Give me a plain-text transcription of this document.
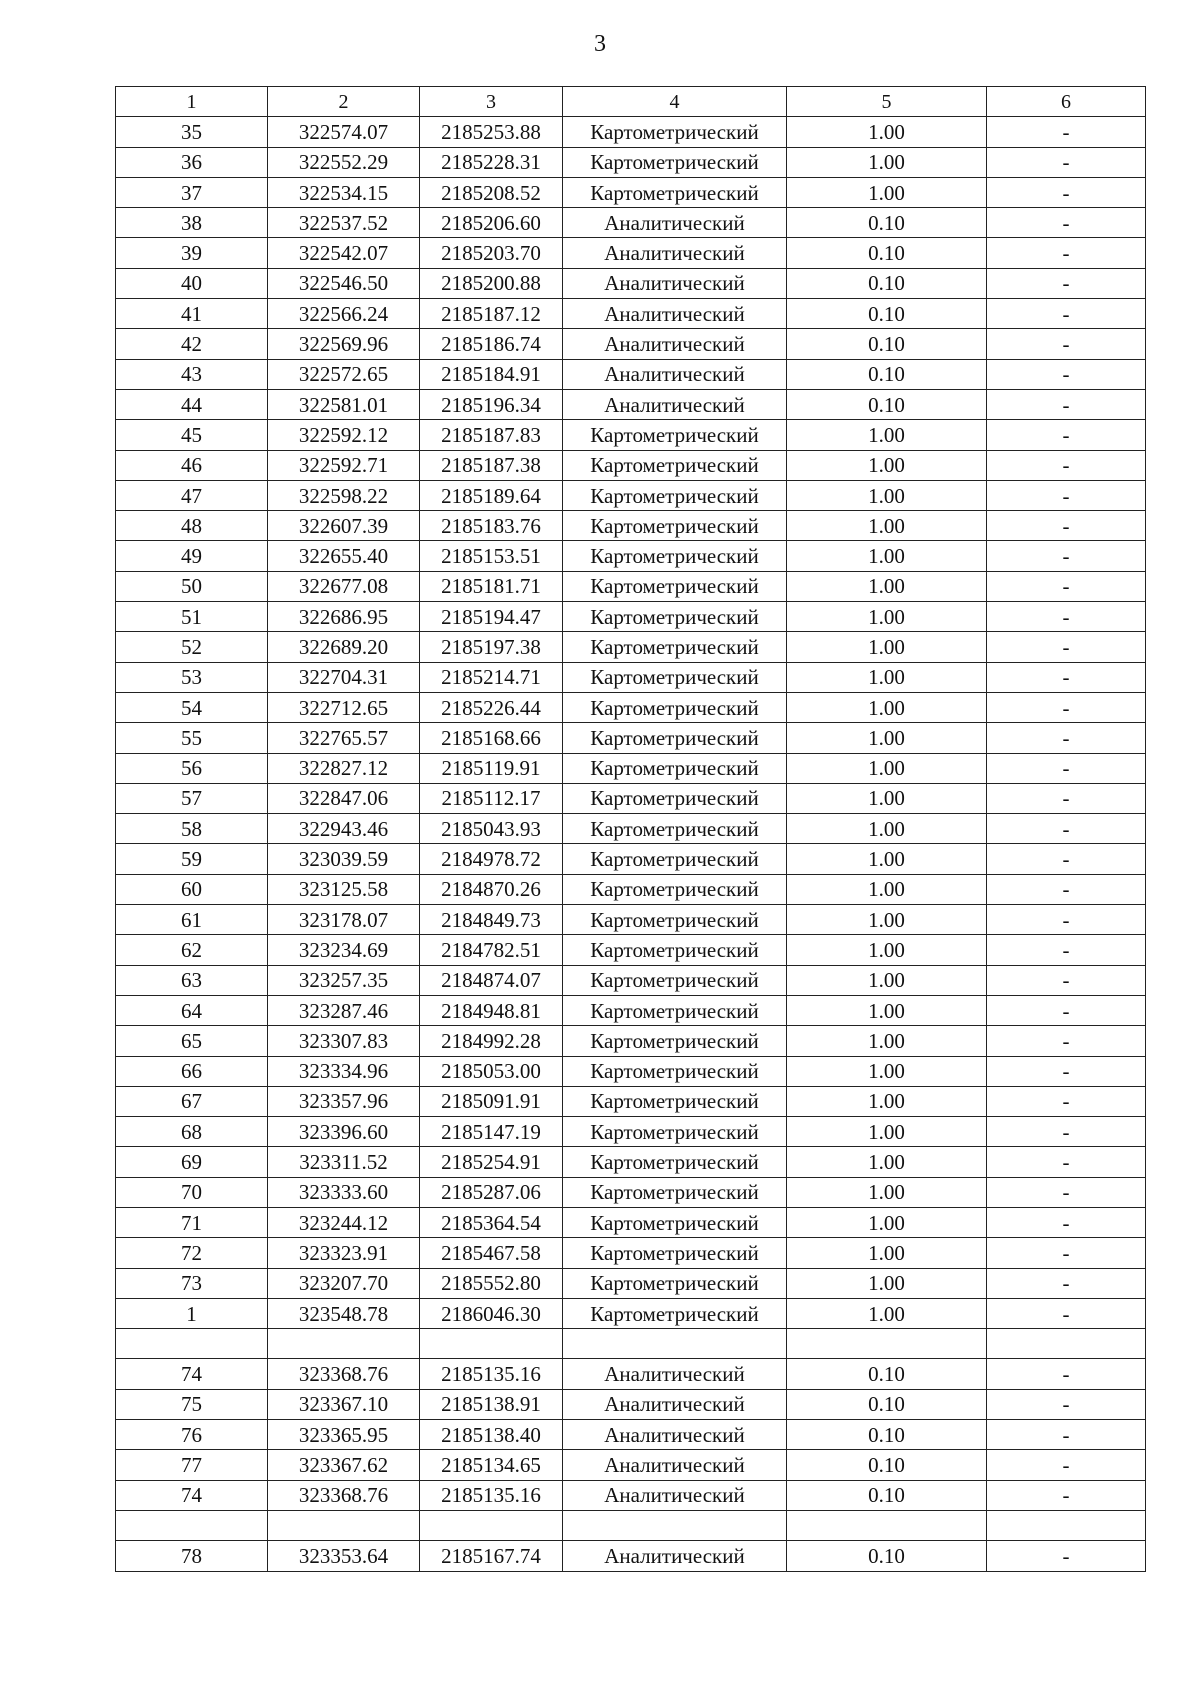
3
1	2	3	4	5	6
35	322574.07	2185253.88	Картометрический	1.00	-
36	322552.29	2185228.31	Картометрический	1.00	-
37	322534.15	2185208.52	Картометрический	1.00	-
38	322537.52	2185206.60	Аналитический	0.10	-
39	322542.07	2185203.70	Аналитический	0.10	-
40	322546.50	2185200.88	Аналитический	0.10	-
41	322566.24	2185187.12	Аналитический	0.10	-
42	322569.96	2185186.74	Аналитический	0.10	-
43	322572.65	2185184.91	Аналитический	0.10	-
44	322581.01	2185196.34	Аналитический	0.10	-
45	322592.12	2185187.83	Картометрический	1.00	-
46	322592.71	2185187.38	Картометрический	1.00	-
47	322598.22	2185189.64	Картометрический	1.00	-
48	322607.39	2185183.76	Картометрический	1.00	-
49	322655.40	2185153.51	Картометрический	1.00	-
50	322677.08	2185181.71	Картометрический	1.00	-
51	322686.95	2185194.47	Картометрический	1.00	-
52	322689.20	2185197.38	Картометрический	1.00	-
53	322704.31	2185214.71	Картометрический	1.00	-
54	322712.65	2185226.44	Картометрический	1.00	-
55	322765.57	2185168.66	Картометрический	1.00	-
56	322827.12	2185119.91	Картометрический	1.00	-
57	322847.06	2185112.17	Картометрический	1.00	-
58	322943.46	2185043.93	Картометрический	1.00	-
59	323039.59	2184978.72	Картометрический	1.00	-
60	323125.58	2184870.26	Картометрический	1.00	-
61	323178.07	2184849.73	Картометрический	1.00	-
62	323234.69	2184782.51	Картометрический	1.00	-
63	323257.35	2184874.07	Картометрический	1.00	-
64	323287.46	2184948.81	Картометрический	1.00	-
65	323307.83	2184992.28	Картометрический	1.00	-
66	323334.96	2185053.00	Картометрический	1.00	-
67	323357.96	2185091.91	Картометрический	1.00	-
68	323396.60	2185147.19	Картометрический	1.00	-
69	323311.52	2185254.91	Картометрический	1.00	-
70	323333.60	2185287.06	Картометрический	1.00	-
71	323244.12	2185364.54	Картометрический	1.00	-
72	323323.91	2185467.58	Картометрический	1.00	-
73	323207.70	2185552.80	Картометрический	1.00	-
1	323548.78	2186046.30	Картометрический	1.00	-

74	323368.76	2185135.16	Аналитический	0.10	-
75	323367.10	2185138.91	Аналитический	0.10	-
76	323365.95	2185138.40	Аналитический	0.10	-
77	323367.62	2185134.65	Аналитический	0.10	-
74	323368.76	2185135.16	Аналитический	0.10	-

78	323353.64	2185167.74	Аналитический	0.10	-
